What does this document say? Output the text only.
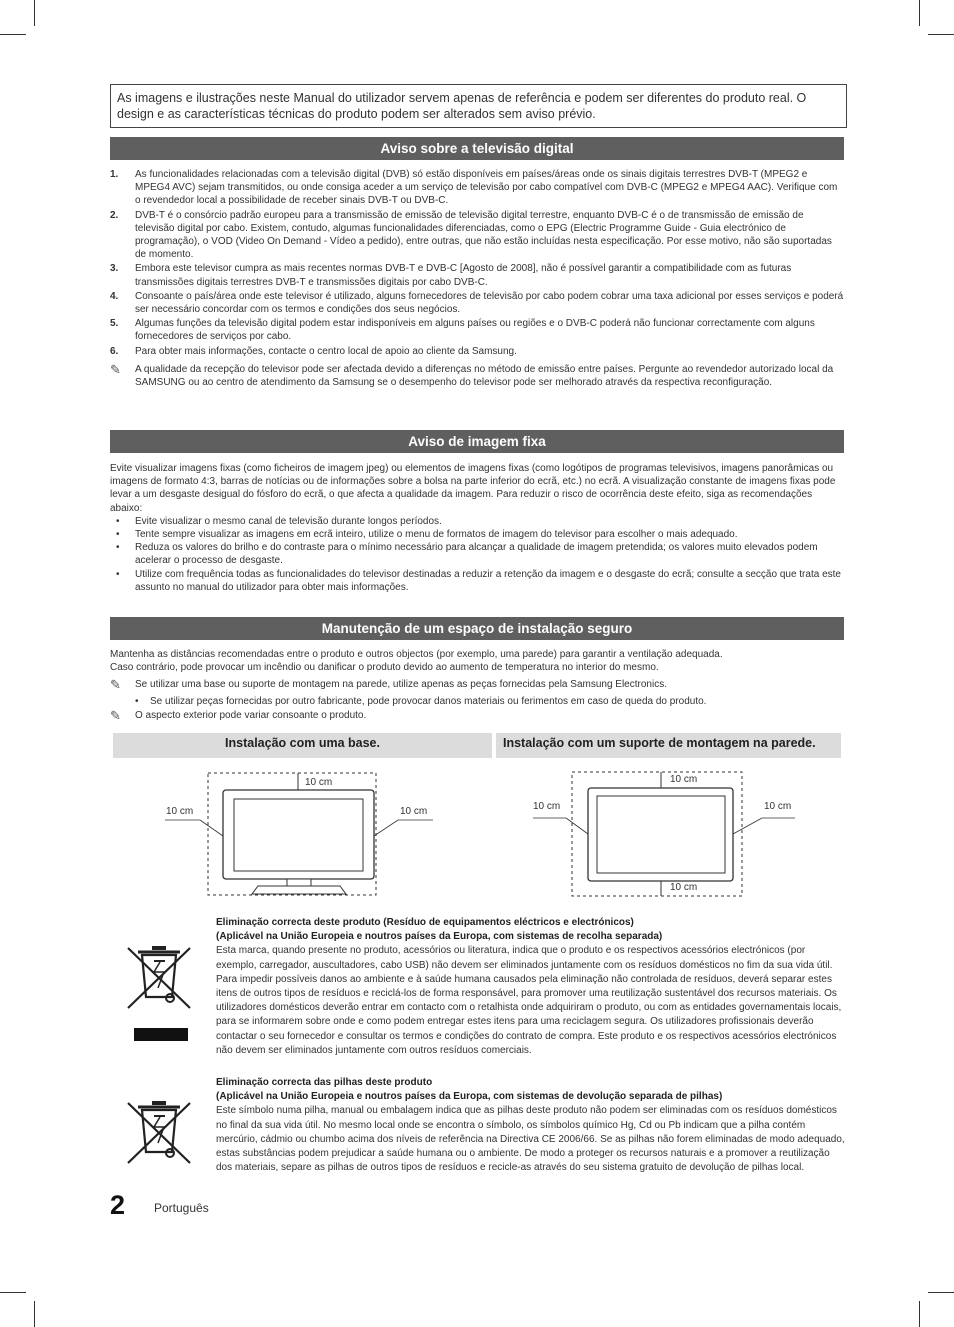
As imagens e ilustrações neste Manual do utilizador servem apenas de referência e podem ser diferentes do produto real. O design e as características técnicas do produto podem ser alterados sem aviso prévio.
Aviso sobre a televisão digital
1.	As funcionalidades relacionadas com a televisão digital (DVB) só estão disponíveis em países/áreas onde os sinais digitais terrestres DVB-T (MPEG2 e MPEG4 AVC) sejam transmitidos, ou onde consiga aceder a um serviço de televisão por cabo compatível com DVB-C (MPEG2 e MPEG4 AAC). Verifique com o revendedor local a possibilidade de receber sinais DVB-T ou DVB-C.
2.	DVB-T é o consórcio padrão europeu para a transmissão de emissão de televisão digital terrestre, enquanto DVB-C é o de transmissão de emissão de televisão digital por cabo. Existem, contudo, algumas funcionalidades diferenciadas, como o EPG (Electric Programme Guide - Guia electrónico de programação), o VOD (Video On Demand - Vídeo a pedido), entre outras, que não estão incluídas nesta especificação. Por esse motivo, não são suportadas de momento.
3.	Embora este televisor cumpra as mais recentes normas DVB-T e DVB-C [Agosto de 2008], não é possível garantir a compatibilidade com as futuras transmissões digitais terrestres DVB-T e transmissões digitais por cabo DVB-C.
4.	Consoante o país/área onde este televisor é utilizado, alguns fornecedores de televisão por cabo podem cobrar uma taxa adicional por esses serviços e poderá ser necessário concordar com os termos e condições dos seus negócios.
5.	Algumas funções da televisão digital podem estar indisponíveis em alguns países ou regiões e o DVB-C poderá não funcionar correctamente com alguns fornecedores de serviços por cabo.
6.	Para obter mais informações, contacte o centro local de apoio ao cliente da Samsung.
✎	A qualidade da recepção do televisor pode ser afectada devido a diferenças no método de emissão entre países. Pergunte ao revendedor autorizado local da SAMSUNG ou ao centro de atendimento da Samsung se o desempenho do televisor pode ser melhorado através da respectiva reconfiguração.
Aviso de imagem fixa
Evite visualizar imagens fixas (como ficheiros de imagem jpeg) ou elementos de imagens fixas (como logótipos de programas televisivos, imagens panorâmicas ou imagens de formato 4:3, barras de notícias ou de informações sobre a bolsa na parte inferior do ecrã, etc.) no ecrã. A visualização constante de imagens fixas pode levar a um desgaste desigual do fósforo do ecrã, o que afecta a qualidade da imagem. Para reduzir o risco de ocorrência deste efeito, siga as recomendações abaixo:
•	Evite visualizar o mesmo canal de televisão durante longos períodos.
•	Tente sempre visualizar as imagens em ecrã inteiro, utilize o menu de formatos de imagem do televisor para escolher o mais adequado.
•	Reduza os valores do brilho e do contraste para o mínimo necessário para alcançar a qualidade de imagem pretendida; os valores muito elevados podem acelerar o processo de desgaste.
•	Utilize com frequência todas as funcionalidades do televisor destinadas a reduzir a retenção da imagem e o desgaste do ecrã; consulte a secção que trata este assunto no manual do utilizador para obter mais informações.
Manutenção de um espaço de instalação seguro
Mantenha as distâncias recomendadas entre o produto e outros objectos (por exemplo, uma parede) para garantir a ventilação adequada.
Caso contrário, pode provocar um incêndio ou danificar o produto devido ao aumento de temperatura no interior do mesmo.
✎	Se utilizar uma base ou suporte de montagem na parede, utilize apenas as peças fornecidas pela Samsung Electronics.
•	Se utilizar peças fornecidas por outro fabricante, pode provocar danos materiais ou ferimentos em caso de queda do produto.
✎	O aspecto exterior pode variar consoante o produto.
Instalação com uma base.	Instalação com um suporte de montagem na parede.
10 cm
10 cm	10 cm
10 cm
10 cm	10 cm
10 cm
Eliminação correcta deste produto (Resíduo de equipamentos eléctricos e electrónicos)
(Aplicável na União Europeia e noutros países da Europa, com sistemas de recolha separada)
Esta marca, quando presente no produto, acessórios ou literatura, indica que o produto e os respectivos acessórios electrónicos (por exemplo, carregador, auscultadores, cabo USB) não devem ser eliminados juntamente com os resíduos domésticos no fim da sua vida útil. Para impedir possíveis danos ao ambiente e à saúde humana causados pela eliminação não controlada de resíduos, deverá separar estes itens de outros tipos de resíduos e reciclá-los de forma responsável, para promover uma reutilização sustentável dos recursos materiais. Os utilizadores domésticos deverão entrar em contacto com o retalhista onde adquiriram o produto, ou com as entidades governamentais locais, para se informarem sobre onde e como podem entregar estes itens para uma reciclagem segura. Os utilizadores profissionais deverão contactar o seu fornecedor e consultar os termos e condições do contrato de compra. Este produto e os respectivos acessórios electrónicos não devem ser eliminados juntamente com outros resíduos comerciais.
Eliminação correcta das pilhas deste produto
(Aplicável na União Europeia e noutros países da Europa, com sistemas de devolução separada de pilhas)
Este símbolo numa pilha, manual ou embalagem indica que as pilhas deste produto não podem ser eliminadas com os resíduos domésticos no final da sua vida útil. No mesmo local onde se encontra o símbolo, os símbolos químico Hg, Cd ou Pb indicam que a pilha contém mercúrio, cádmio ou chumbo acima dos níveis de referência na Directiva CE 2006/66. Se as pilhas não forem eliminadas de modo adequado, estas substâncias podem prejudicar a saúde humana ou o ambiente. De modo a proteger os recursos naturais e a promover a reutilização dos materiais, separe as pilhas de outros tipos de resíduos e recicle-as através do seu sistema gratuito de devolução de pilhas local.
2 Português
